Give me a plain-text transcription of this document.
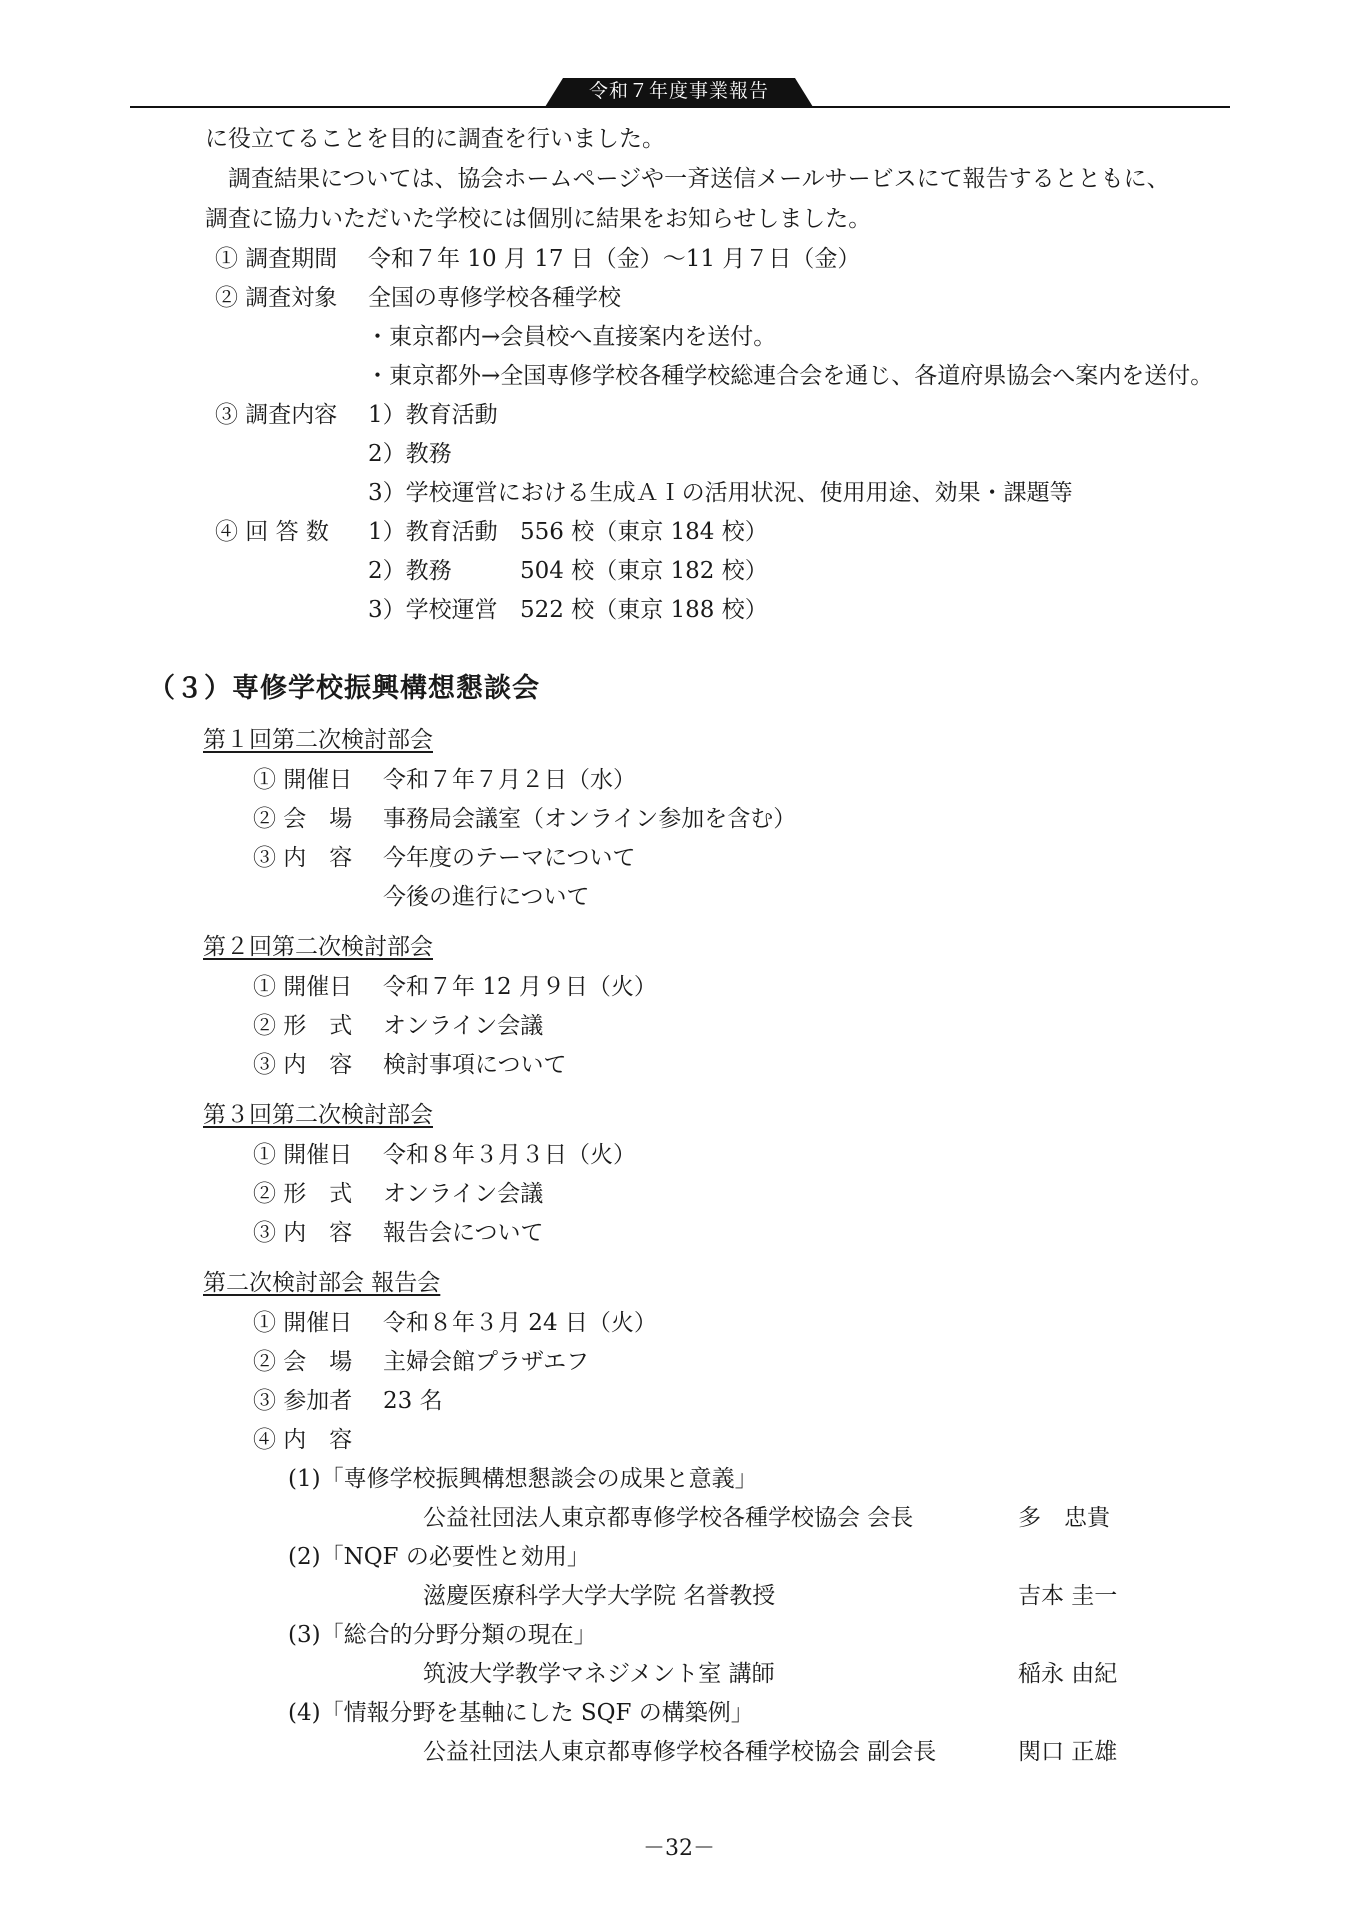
令和７年度事業報告
に役立てることを目的に調査を行いました。
調査結果については、協会ホームページや一斉送信メールサービスにて報告するとともに、
調査に協力いただいた学校には個別に結果をお知らせしました。
① 調査期間 令和７年 10 月 17 日（金）～11 月７日（金）
② 調査対象 全国の専修学校各種学校
・東京都内→会員校へ直接案内を送付。
・東京都外→全国専修学校各種学校総連合会を通じ、各道府県協会へ案内を送付。
③ 調査内容 1）教育活動
2）教務
3）学校運営における生成ＡＩの活用状況、使用用途、効果・課題等
④ 回 答 数 1）教育活動 556 校（東京 184 校）
2）教務	504 校（東京 182 校）
3）学校運営 522 校（東京 188 校）
（３）専修学校振興構想懇談会
第１回第二次検討部会
① 開催日 令和７年７月２日（水）
② 会　場 事務局会議室（オンライン参加を含む）
③ 内　容 今年度のテーマについて
今後の進行について
第２回第二次検討部会
① 開催日 令和７年 12 月９日（火）
② 形　式 オンライン会議
③ 内　容 検討事項について
第３回第二次検討部会
① 開催日 令和８年３月３日（火）
② 形　式 オンライン会議
③ 内　容 報告会について
第二次検討部会 報告会
① 開催日 令和８年３月 24 日（火）
② 会　場 主婦会館プラザエフ
③ 参加者 23 名
④ 内　容
(1)「専修学校振興構想懇談会の成果と意義」
公益社団法人東京都専修学校各種学校協会 会長	多　忠貴
(2)「NQF の必要性と効用」
滋慶医療科学大学大学院 名誉教授	吉本 圭一
(3)「総合的分野分類の現在」
筑波大学教学マネジメント室 講師	稲永 由紀
(4)「情報分野を基軸にした SQF の構築例」
公益社団法人東京都専修学校各種学校協会 副会長	関口 正雄
－32－
